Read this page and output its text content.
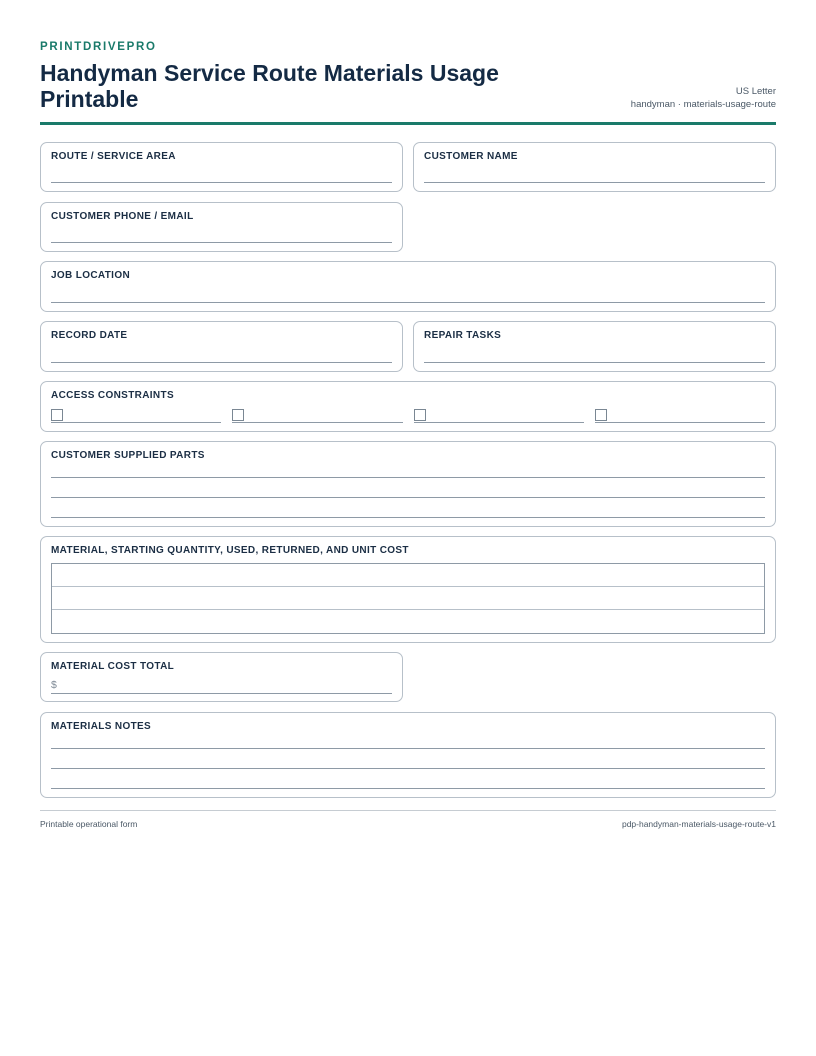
PRINTDRIVEPRO
Handyman Service Route Materials Usage Printable	US Letter
handyman · materials-usage-route
ROUTE / SERVICE AREA	CUSTOMER NAME
CUSTOMER PHONE / EMAIL
JOB LOCATION
RECORD DATE	REPAIR TASKS
ACCESS CONSTRAINTS
CUSTOMER SUPPLIED PARTS
MATERIAL, STARTING QUANTITY, USED, RETURNED, AND UNIT COST
MATERIAL COST TOTAL
$
MATERIALS NOTES
Printable operational form	pdp-handyman-materials-usage-route-v1
